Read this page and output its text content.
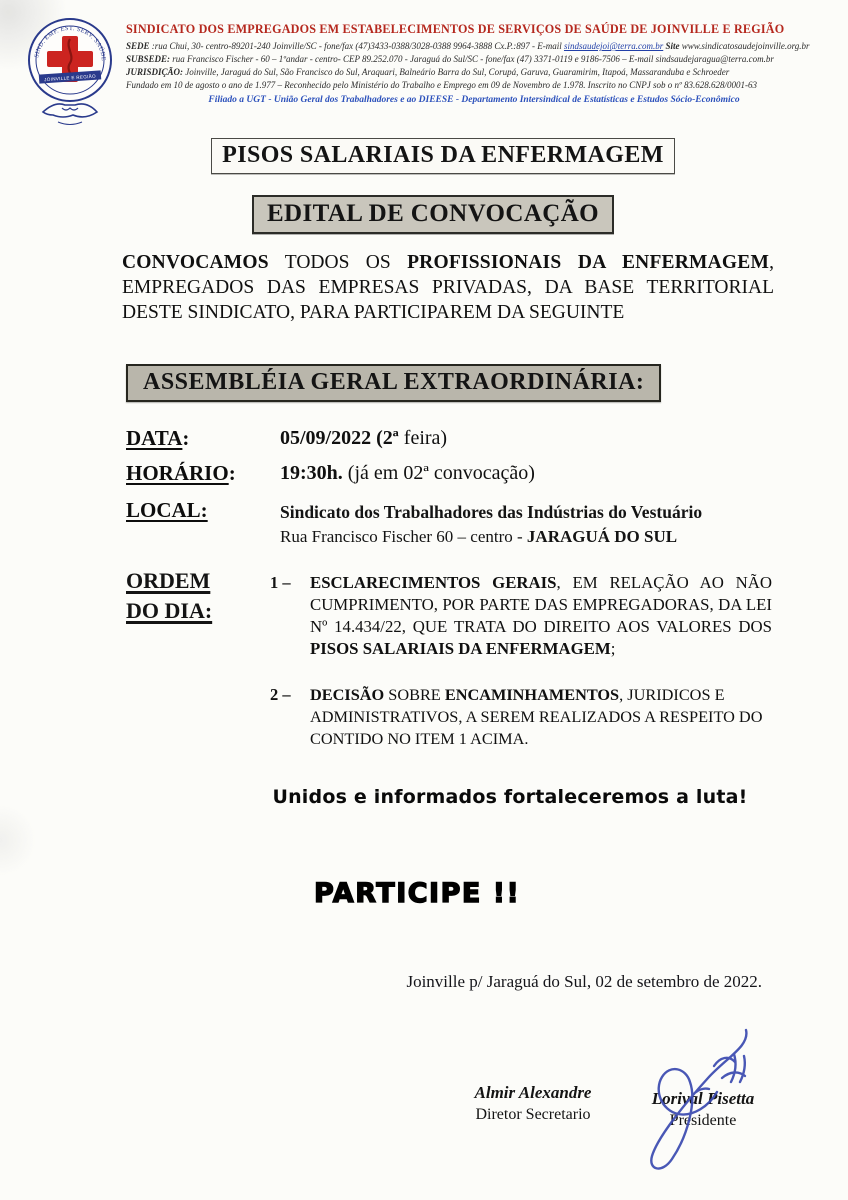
SIND. EMP. EST. SERV. SAÚDE
JOINVILLE E REGIÃO
SINDICATO DOS EMPREGADOS EM ESTABELECIMENTOS DE SERVIÇOS DE SAÚDE DE JOINVILLE E REGIÃO
SEDE :rua Chui, 30- centro-89201-240 Joinville/SC - fone/fax (47)3433-0388/3028-0388 9964-3888 Cx.P.:897 - E-mail sindsaudejoi@terra.com.br Site www.sindicatosaudejoinville.org.br
SUBSEDE: rua Francisco Fischer - 60 – 1ºandar - centro- CEP 89.252.070 - Jaraguá do Sul/SC - fone/fax (47) 3371-0119 e 9186-7506 – E-mail sindsaudejaragua@terra.com.br
JURISDIÇÃO: Joinville, Jaraguá do Sul, São Francisco do Sul, Araquari, Balneário Barra do Sul, Corupá, Garuva, Guaramirim, Itapoá, Massaranduba e Schroeder
Fundado em 10 de agosto o ano de 1.977 – Reconhecido pelo Ministério do Trabalho e Emprego em 09 de Novembro de 1.978. Inscrito no CNPJ sob o nº 83.628.628/0001-63
Filiado a UGT - União Geral dos Trabalhadores e ao DIEESE - Departamento Intersindical de Estatísticas e Estudos Sócio-Econômico
PISOS SALARIAIS DA ENFERMAGEM
EDITAL DE CONVOCAÇÃO
CONVOCAMOS TODOS OS PROFISSIONAIS DA ENFERMAGEM, EMPREGADOS DAS EMPRESAS PRIVADAS, DA BASE TERRITORIAL DESTE SINDICATO, PARA PARTICIPAREM DA SEGUINTE
ASSEMBLÉIA GERAL EXTRAORDINÁRIA:
DATA:	05/09/2022 (2ª feira)
HORÁRIO: 19:30h. (já em 02ª convocação)
LOCAL:	Sindicato dos Trabalhadores das Indústrias do Vestuário
Rua Francisco Fischer 60 – centro - JARAGUÁ DO SUL
ORDEM
DO DIA:
1 –	ESCLARECIMENTOS GERAIS, EM RELAÇÃO AO NÃO CUMPRIMENTO, POR PARTE DAS EMPREGADORAS, DA LEI Nº 14.434/22, QUE TRATA DO DIREITO AOS VALORES DOS PISOS SALARIAIS DA ENFERMAGEM;
2 –	DECISÃO SOBRE ENCAMINHAMENTOS, JURIDICOS E ADMINISTRATIVOS, A SEREM REALIZADOS A RESPEITO DO CONTIDO NO ITEM 1 ACIMA.
Unidos e informados fortaleceremos a luta!
PARTICIPE !!
Joinville p/ Jaraguá do Sul, 02 de setembro de 2022.
Almir Alexandre
Diretor Secretario
Lorival Pisetta
Presidente
